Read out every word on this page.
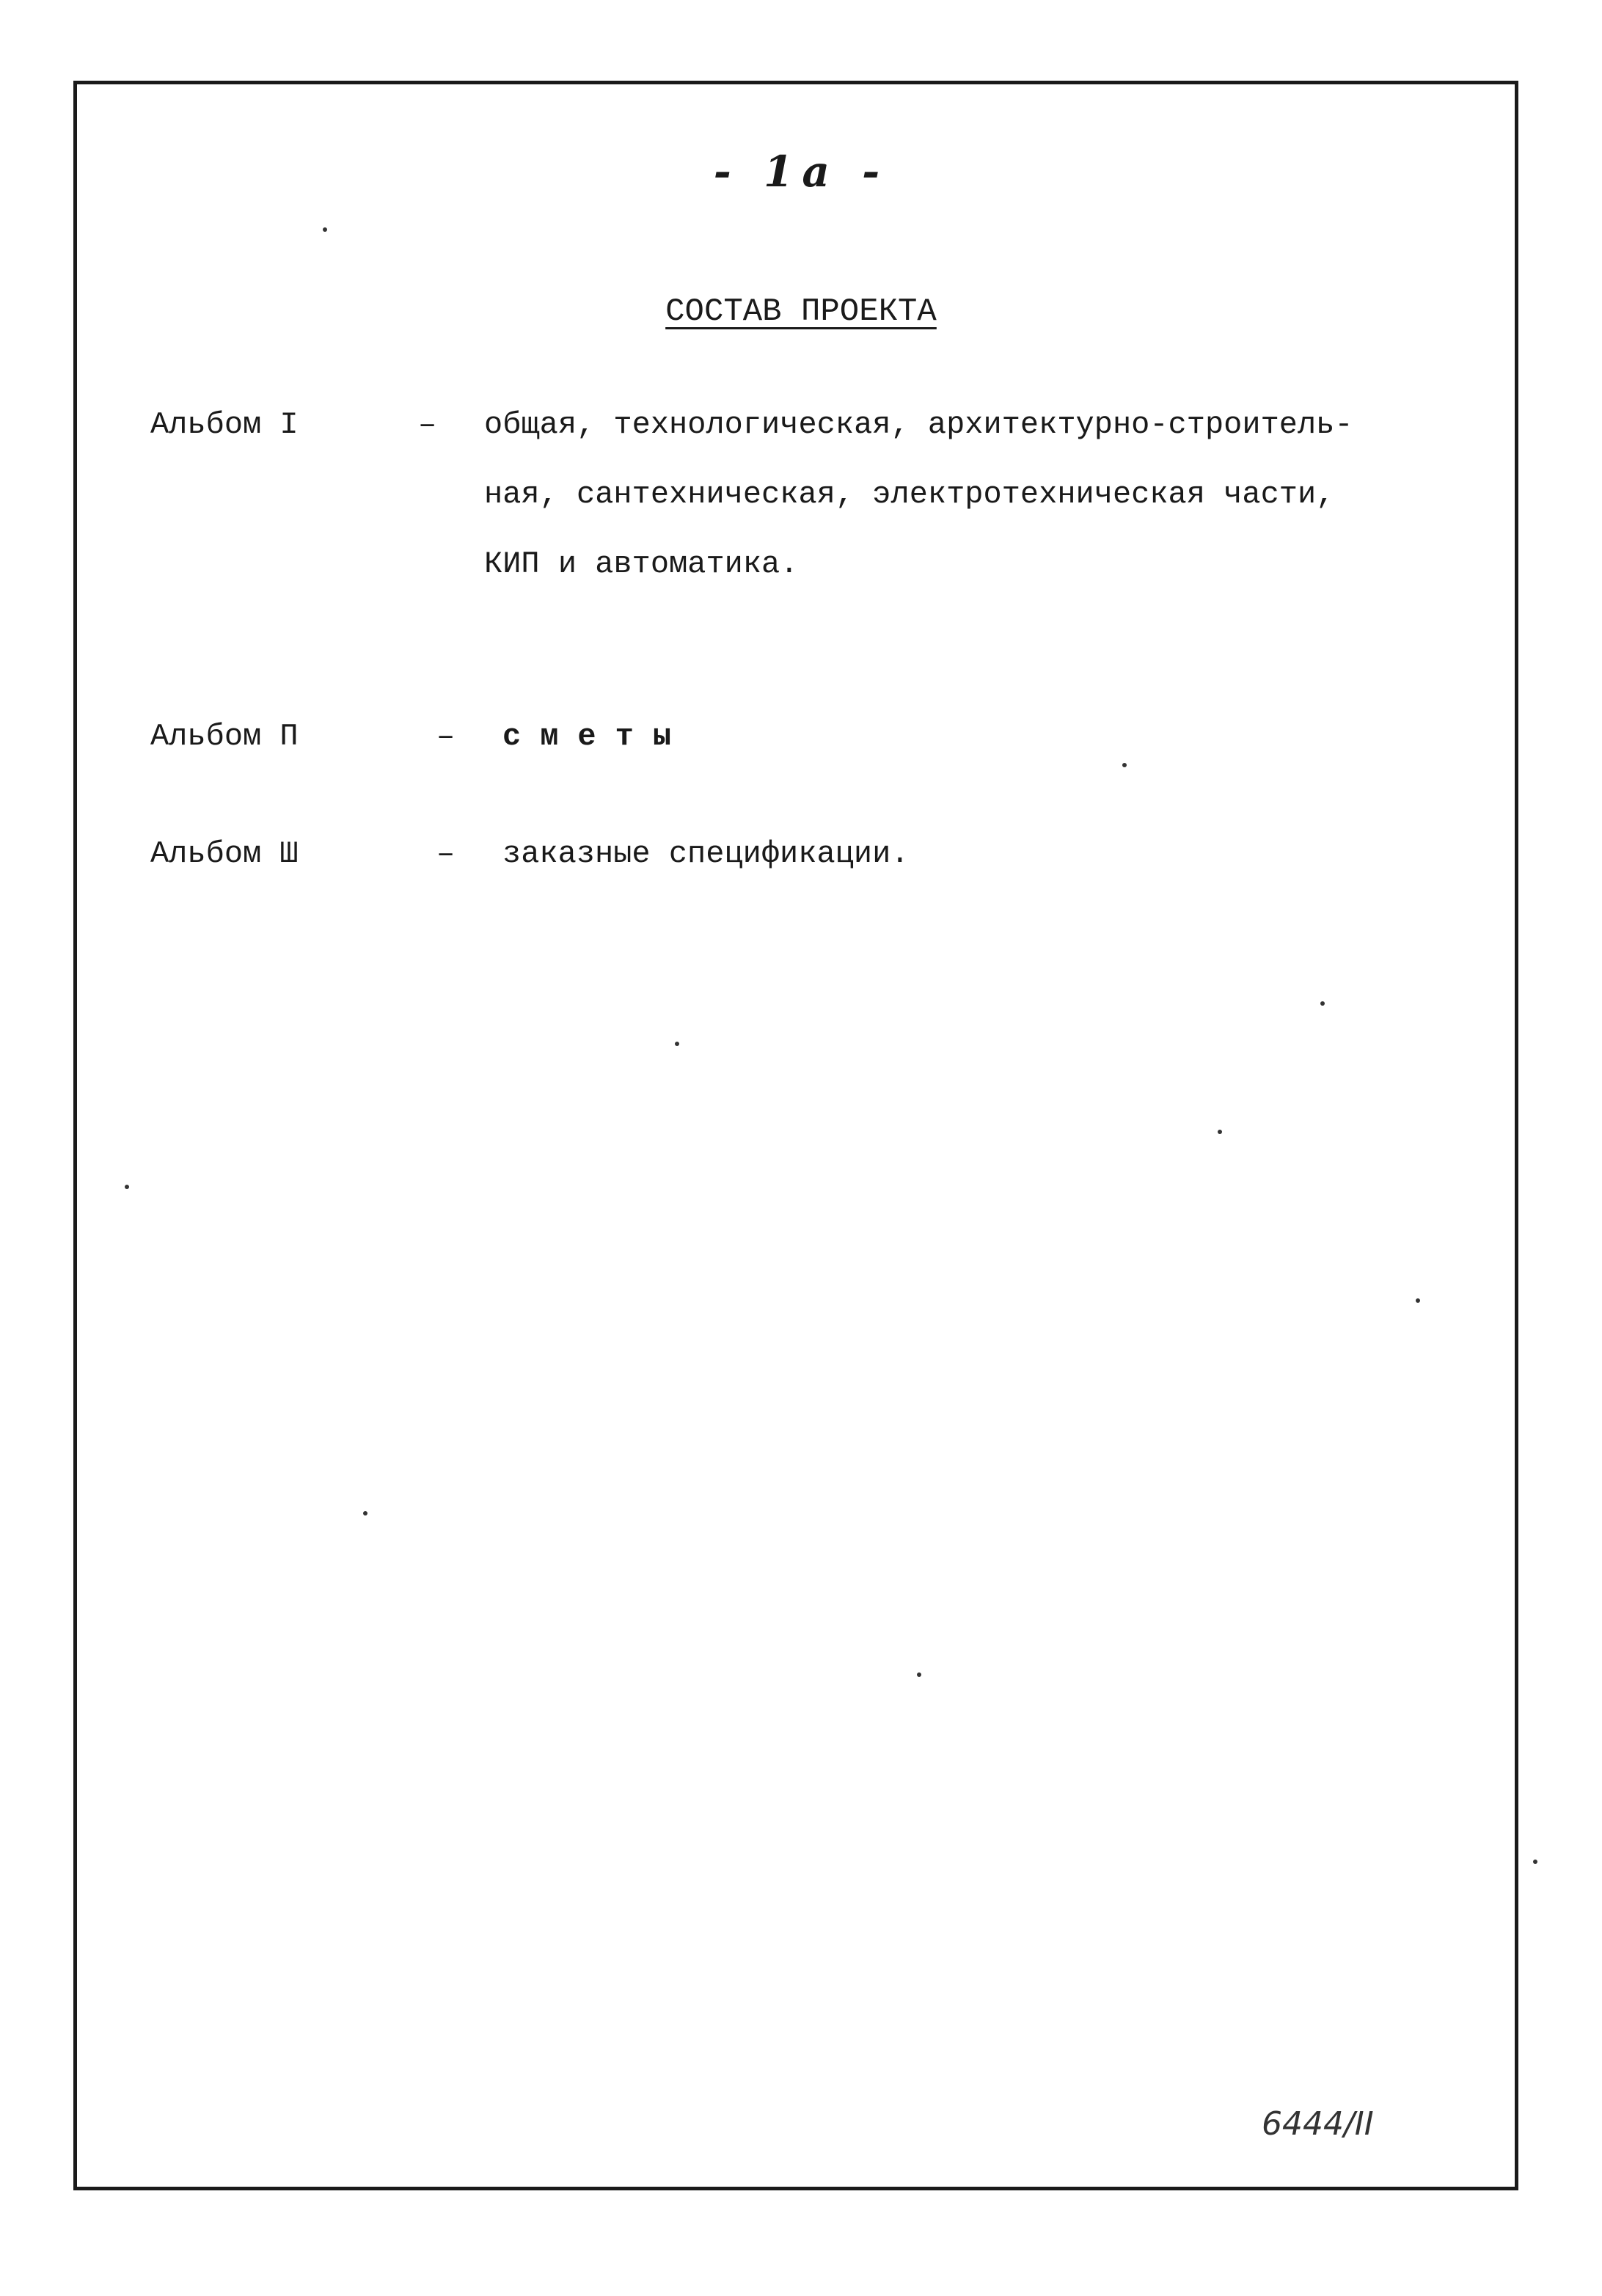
- 1а -
СОСТАВ ПРОЕКТА
Альбом I	– общая, технологическая, архитектурно-строитель-
ная, сантехническая, электротехническая части,
КИП и автоматика.
Альбом П	– сметы
Альбом Ш	– заказные спецификации.
6444/II
